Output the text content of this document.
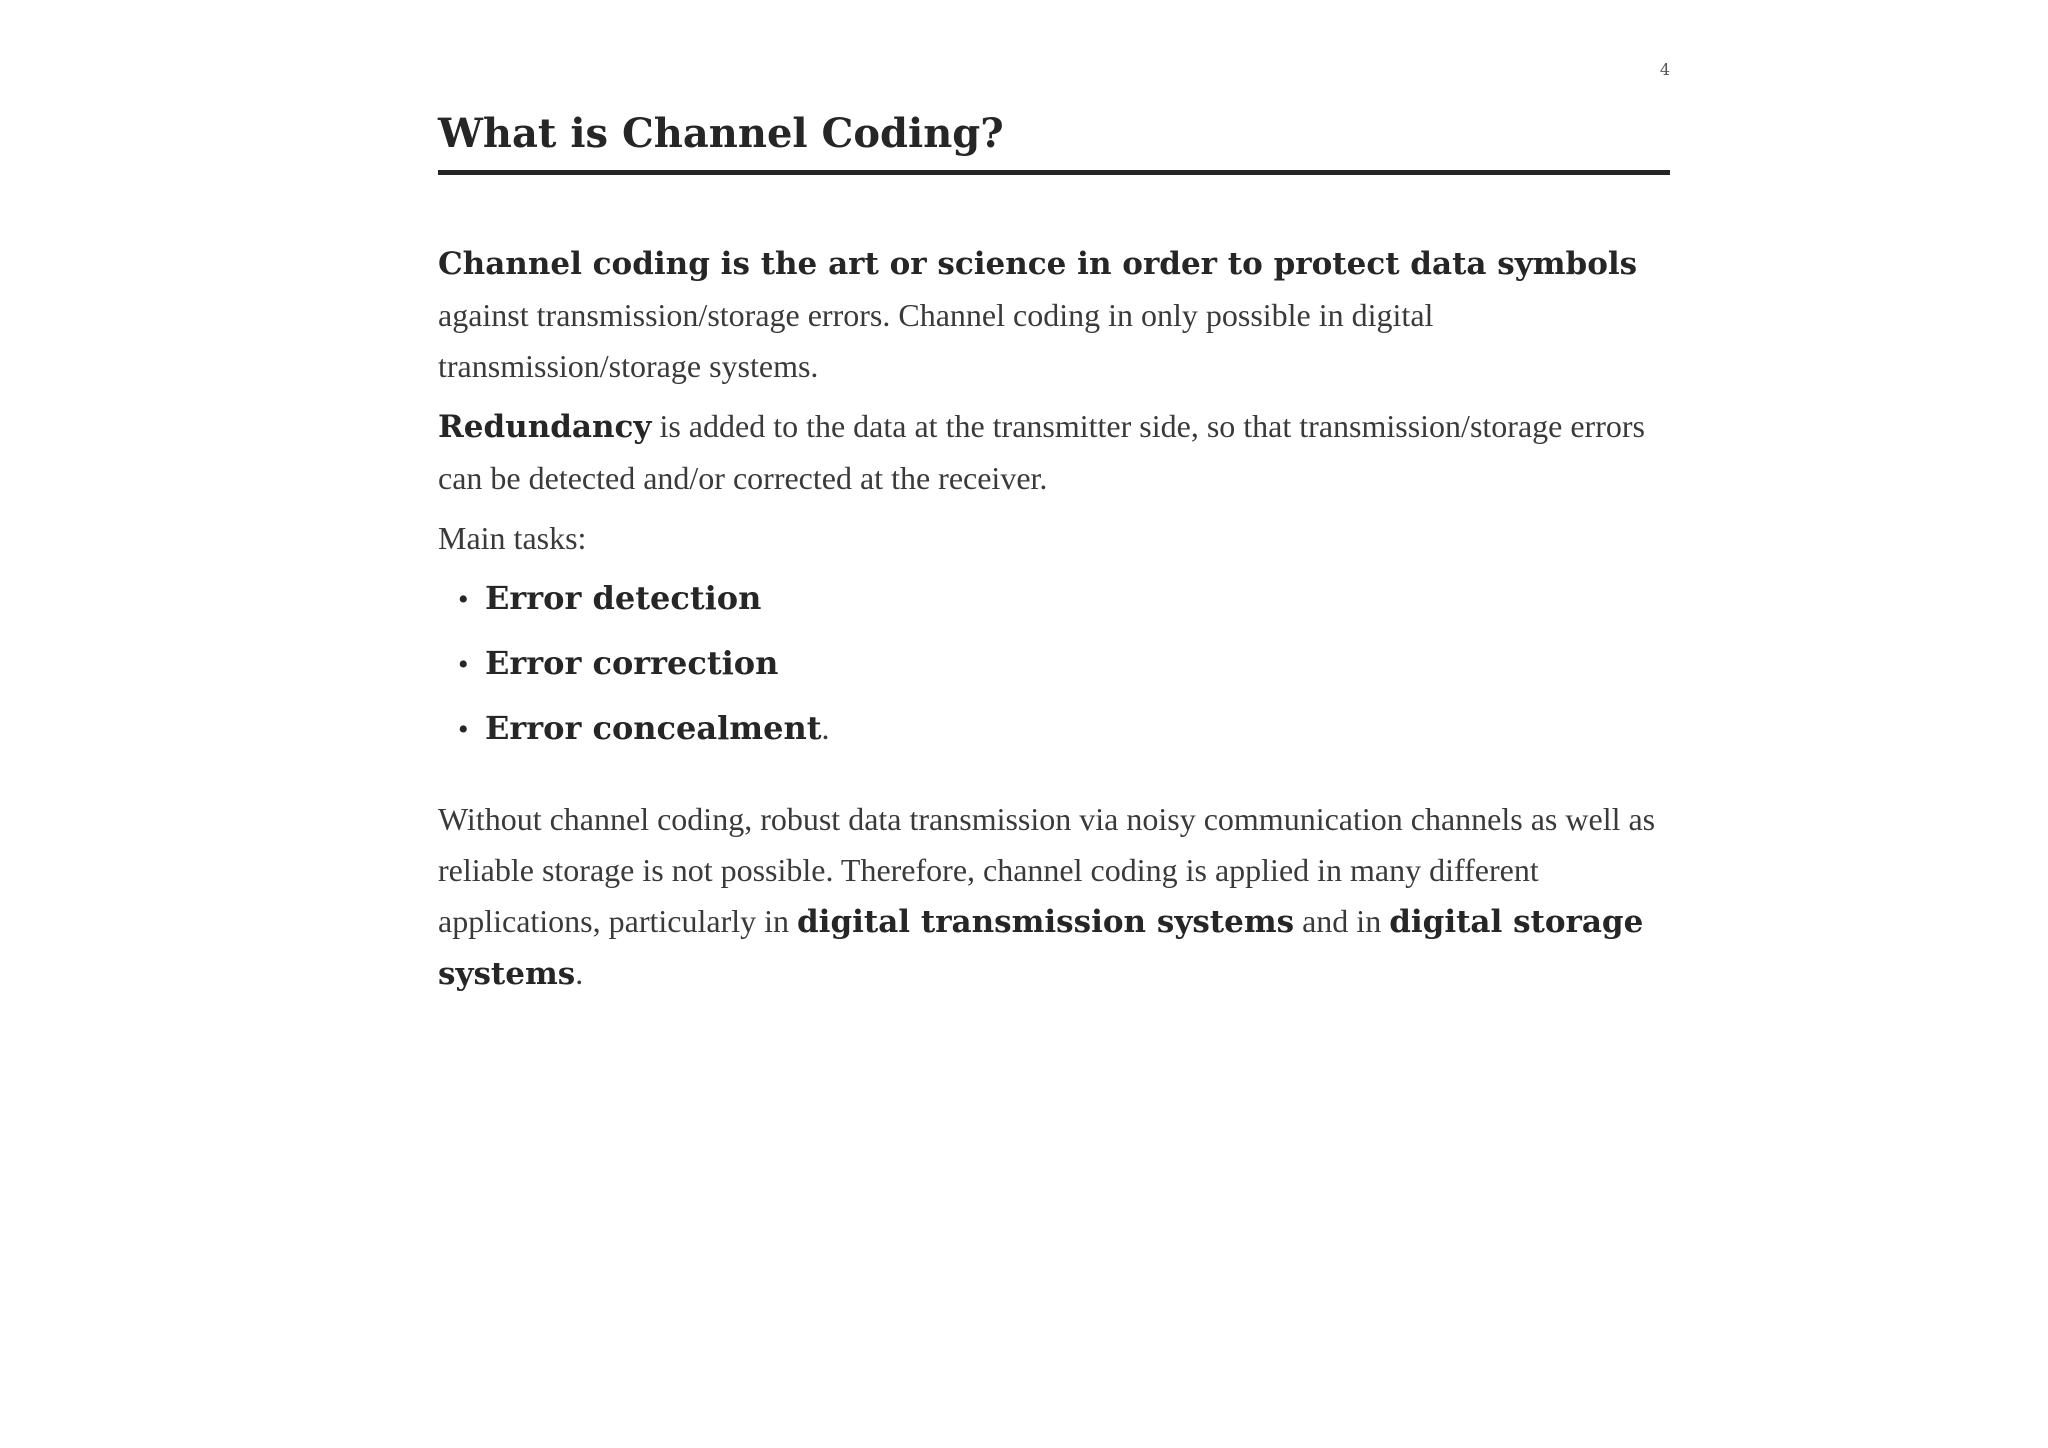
4
What is Channel Coding?

Channel coding is the art or science in order to protect data symbols against transmission/storage errors. Channel coding in only possible in digital transmission/storage systems.

Redundancy is added to the data at the transmitter side, so that transmission/storage errors can be detected and/or corrected at the receiver.

Main tasks:

• Error detection
• Error correction
• Error concealment.

Without channel coding, robust data transmission via noisy communication channels as well as reliable storage is not possible. Therefore, channel coding is applied in many different applications, particularly in digital transmission systems and in digital storage systems.
